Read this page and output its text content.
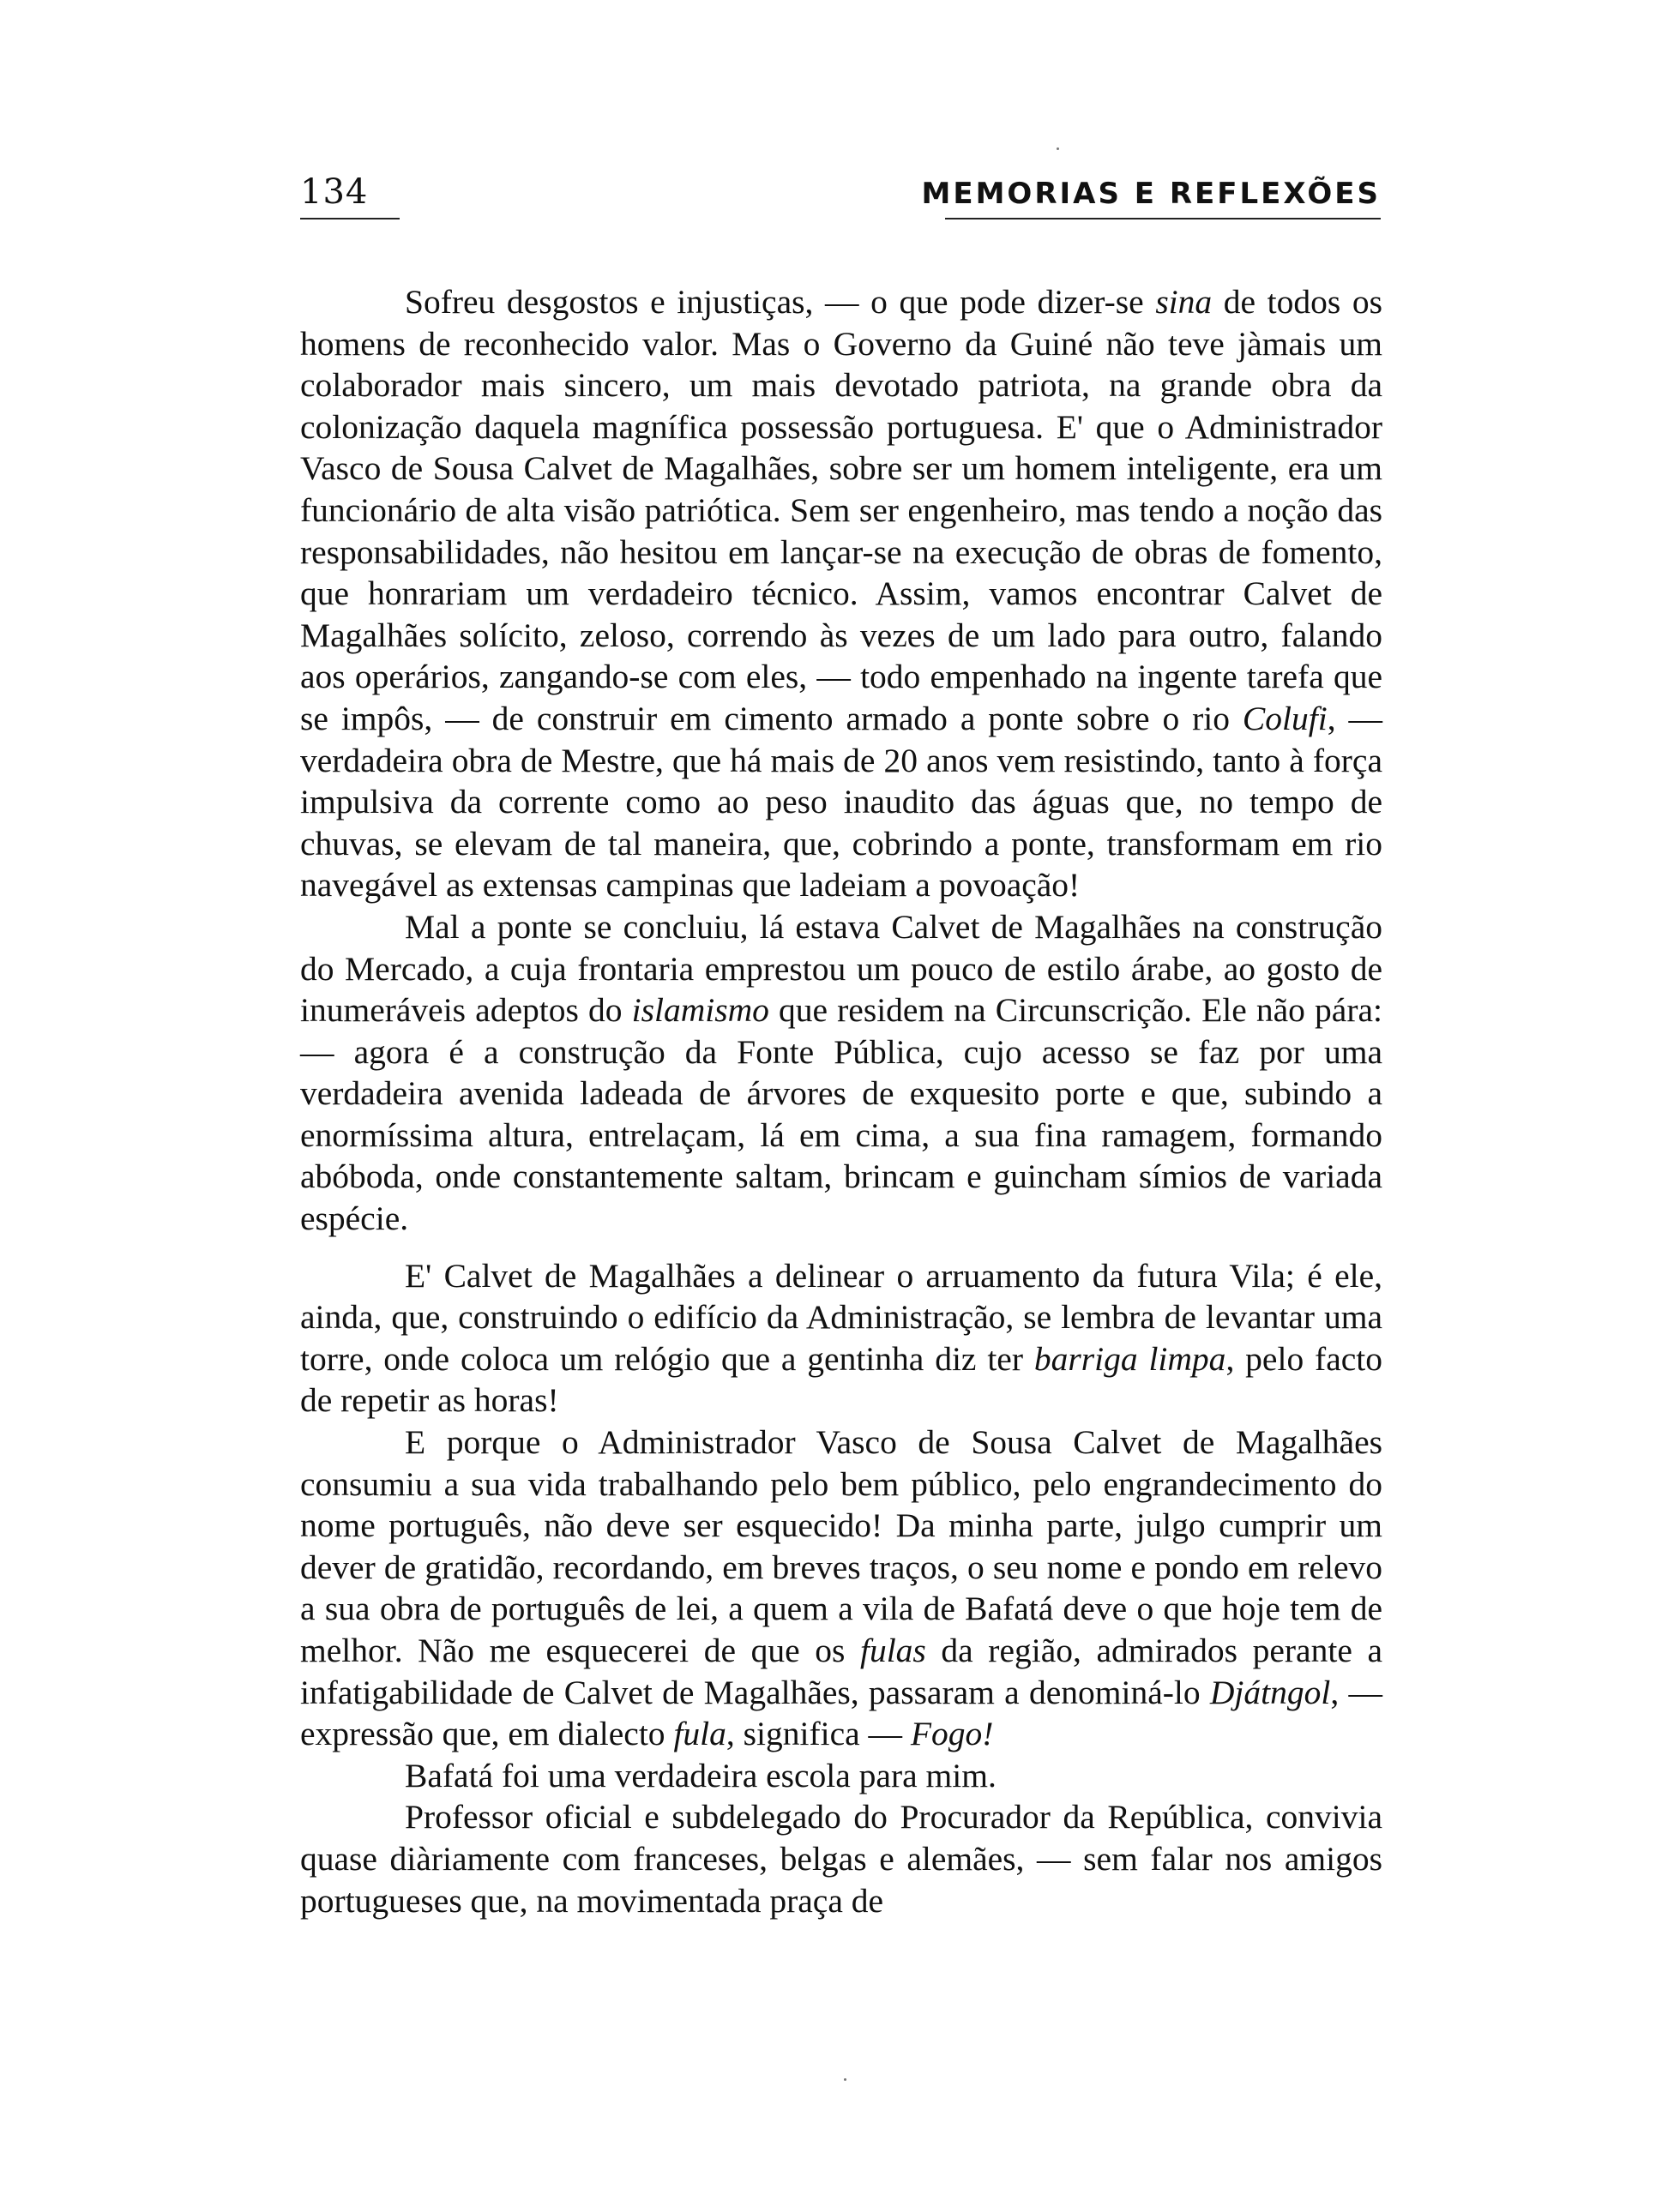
134	MEMORIAS E REFLEXÕES

Sofreu desgostos e injustiças, — o que pode dizer-se sina de todos os homens de reconhecido valor. Mas o Governo da Guiné não teve jàmais um colaborador mais sincero, um mais devotado patriota, na grande obra da colonização daquela magnífica possessão portuguesa. E' que o Administrador Vasco de Sousa Calvet de Magalhães, sobre ser um homem inteligente, era um funcionário de alta visão patriótica. Sem ser engenheiro, mas tendo a noção das responsabilidades, não hesitou em lançar-se na execução de obras de fomento, que honrariam um verdadeiro técnico. Assim, vamos encontrar Calvet de Magalhães solícito, zeloso, correndo às vezes de um lado para outro, falando aos operários, zangando-se com eles, — todo empenhado na ingente tarefa que se impôs, — de construir em cimento armado a ponte sobre o rio Colufi, — verdadeira obra de Mestre, que há mais de 20 anos vem resistindo, tanto à força impulsiva da corrente como ao peso inaudito das águas que, no tempo de chuvas, se elevam de tal maneira, que, cobrindo a ponte, transformam em rio navegável as extensas campinas que ladeiam a povoação!

Mal a ponte se concluiu, lá estava Calvet de Magalhães na construção do Mercado, a cuja frontaria emprestou um pouco de estilo árabe, ao gosto de inumeráveis adeptos do islamismo que residem na Circunscrição. Ele não pára: — agora é a construção da Fonte Pública, cujo acesso se faz por uma verdadeira avenida ladeada de árvores de exquesito porte e que, subindo a enormíssima altura, entrelaçam, lá em cima, a sua fina ramagem, formando abóboda, onde constantemente saltam, brincam e guincham símios de variada espécie.

E' Calvet de Magalhães a delinear o arruamento da futura Vila; é ele, ainda, que, construindo o edifício da Administração, se lembra de levantar uma torre, onde coloca um relógio que a gentinha diz ter barriga limpa, pelo facto de repetir as horas!

E porque o Administrador Vasco de Sousa Calvet de Magalhães consumiu a sua vida trabalhando pelo bem público, pelo engrandecimento do nome português, não deve ser esquecido! Da minha parte, julgo cumprir um dever de gratidão, recordando, em breves traços, o seu nome e pondo em relevo a sua obra de português de lei, a quem a vila de Bafatá deve o que hoje tem de melhor. Não me esquecerei de que os fulas da região, admirados perante a infatigabilidade de Calvet de Magalhães, passaram a denominá-lo Djátngol, — expressão que, em dialecto fula, significa — Fogo!

Bafatá foi uma verdadeira escola para mim.

Professor oficial e subdelegado do Procurador da República, convivia quase diàriamente com franceses, belgas e alemães, — sem falar nos amigos portugueses que, na movimentada praça de
